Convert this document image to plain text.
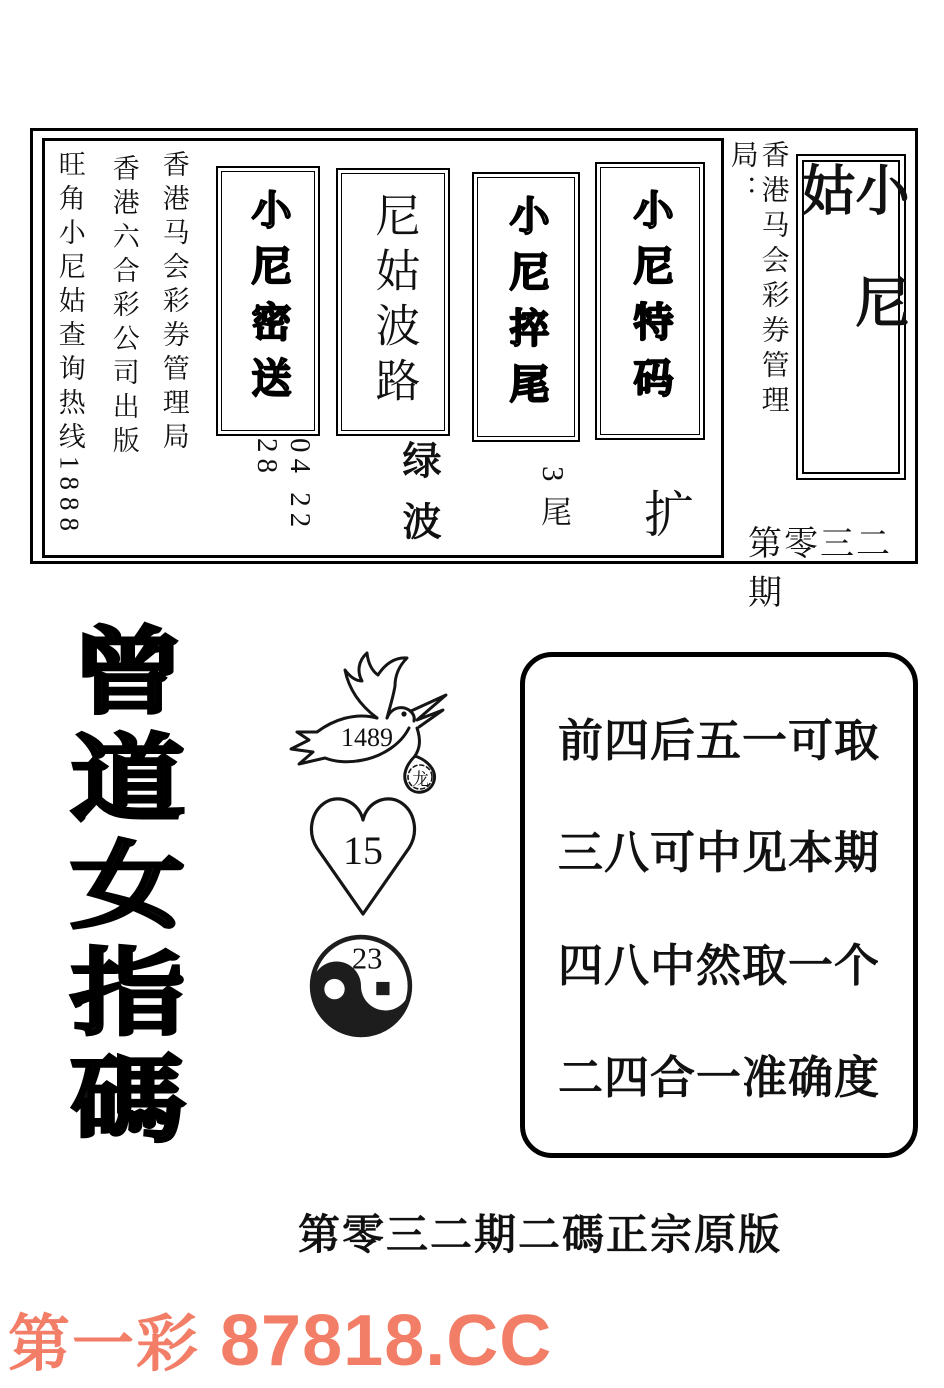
旺角小尼姑查询热线1888 香港六合彩公司出版 香港马会彩券管理局 小尼密送
04 22 28
尼姑波路
绿波
小尼捽尾
3尾
小尼特码
扩
香港马会彩券管理局：	小尼姑
第零三二期
曾道女指碼	1489
龙
15
23
前四后五一可取
三八可中见本期
四八中然取一个
二四合一准确度
第零三二期二碼正宗原版
第一彩 87818.CC
